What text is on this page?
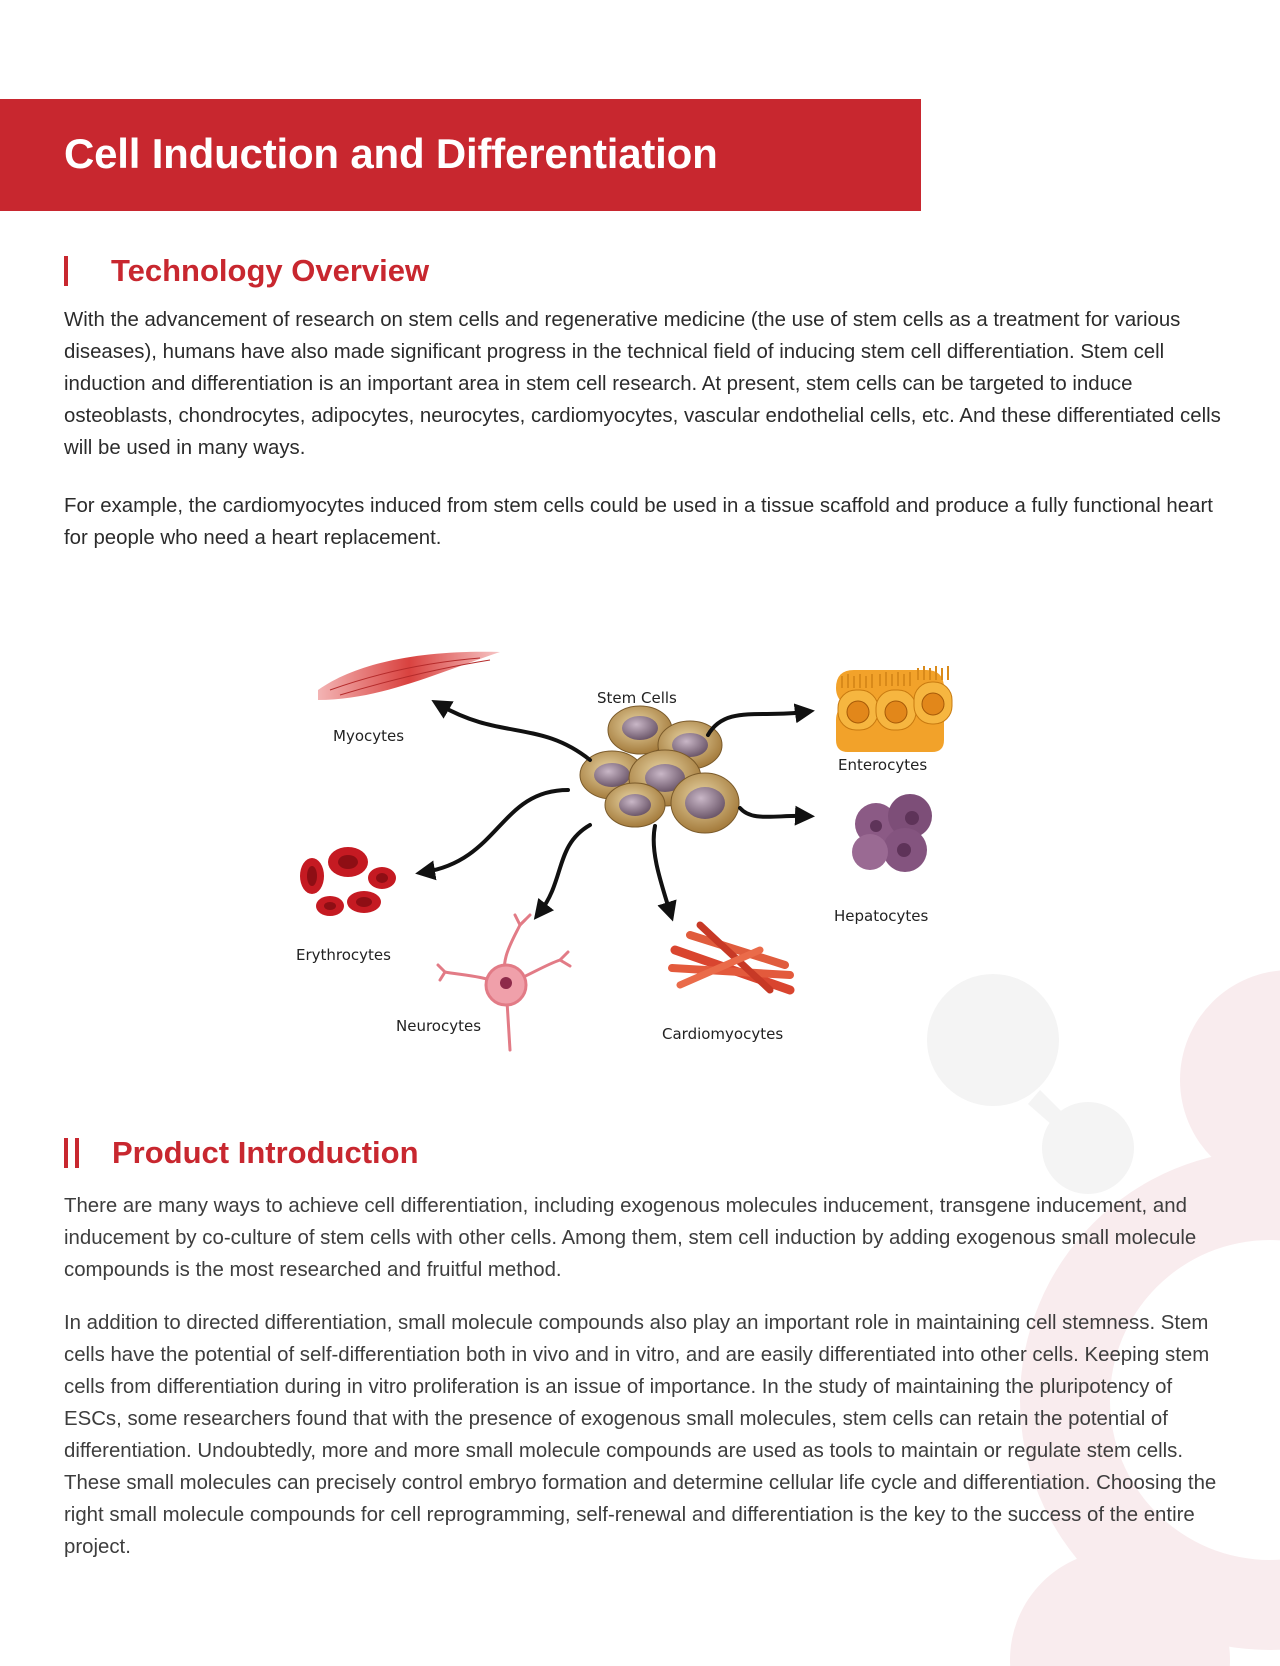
Cell Induction and Differentiation
Technology Overview

With the advancement of research on stem cells and regenerative medicine (the use of stem cells as a treatment for various diseases), humans have also made significant progress in the technical field of inducing stem cell differentiation. Stem cell induction and differentiation is an important area in stem cell research. At present, stem cells can be targeted to induce osteoblasts, chondrocytes, adipocytes, neurocytes, cardiomyocytes, vascular endothelial cells, etc. And these differentiated cells will be used in many ways.

For example, the cardiomyocytes induced from stem cells could be used in a tissue scaffold and produce a fully functional heart for people who need a heart replacement.

Myocytes
Stem Cells
Enterocytes
Hepatocytes
Erythrocytes
Neurocytes	Cardiomyocytes
Product Introduction

There are many ways to achieve cell differentiation, including exogenous molecules inducement, transgene inducement, and inducement by co-culture of stem cells with other cells. Among them, stem cell induction by adding exogenous small molecule compounds is the most researched and fruitful method.

In addition to directed differentiation, small molecule compounds also play an important role in maintaining cell stemness. Stem cells have the potential of self-differentiation both in vivo and in vitro, and are easily differentiated into other cells. Keeping stem cells from differentiation during in vitro proliferation is an issue of importance. In the study of maintaining the pluripotency of ESCs, some researchers found that with the presence of exogenous small molecules, stem cells can retain the potential of differentiation. Undoubtedly, more and more small molecule compounds are used as tools to maintain or regulate stem cells. These small molecules can precisely control embryo formation and determine cellular life cycle and differentiation. Choosing the right small molecule compounds for cell reprogramming, self-renewal and differentiation is the key to the success of the entire project.
